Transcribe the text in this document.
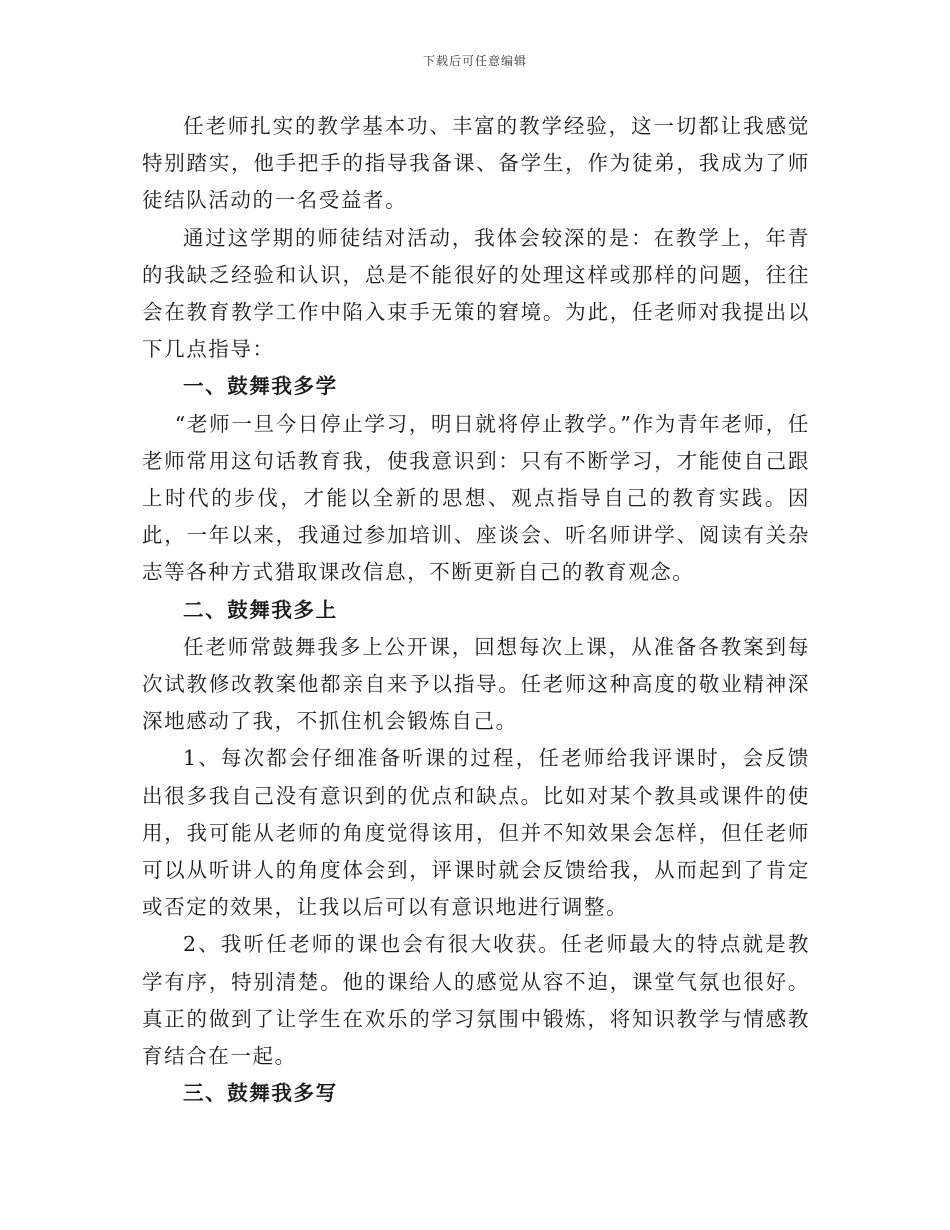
下载后可任意编辑

任老师扎实的教学基本功、丰富的教学经验，这一切都让我感觉特别踏实，他手把手的指导我备课、备学生，作为徒弟，我成为了师徒结队活动的一名受益者。

通过这学期的师徒结对活动，我体会较深的是：在教学上，年青的我缺乏经验和认识，总是不能很好的处理这样或那样的问题，往往会在教育教学工作中陷入束手无策的窘境。为此，任老师对我提出以下几点指导：

一、鼓舞我多学

“老师一旦今日停止学习，明日就将停止教学。”作为青年老师，任老师常用这句话教育我，使我意识到：只有不断学习，才能使自己跟上时代的步伐，才能以全新的思想、观点指导自己的教育实践。因此，一年以来，我通过参加培训、座谈会、听名师讲学、阅读有关杂志等各种方式猎取课改信息，不断更新自己的教育观念。

二、鼓舞我多上

任老师常鼓舞我多上公开课，回想每次上课，从准备各教案到每次试教修改教案他都亲自来予以指导。任老师这种高度的敬业精神深深地感动了我，不抓住机会锻炼自己。

1、每次都会仔细准备听课的过程，任老师给我评课时，会反馈出很多我自己没有意识到的优点和缺点。比如对某个教具或课件的使用，我可能从老师的角度觉得该用，但并不知效果会怎样，但任老师可以从听讲人的角度体会到，评课时就会反馈给我，从而起到了肯定或否定的效果，让我以后可以有意识地进行调整。

2、我听任老师的课也会有很大收获。任老师最大的特点就是教学有序，特别清楚。他的课给人的感觉从容不迫，课堂气氛也很好。真正的做到了让学生在欢乐的学习氛围中锻炼，将知识教学与情感教育结合在一起。

三、鼓舞我多写
